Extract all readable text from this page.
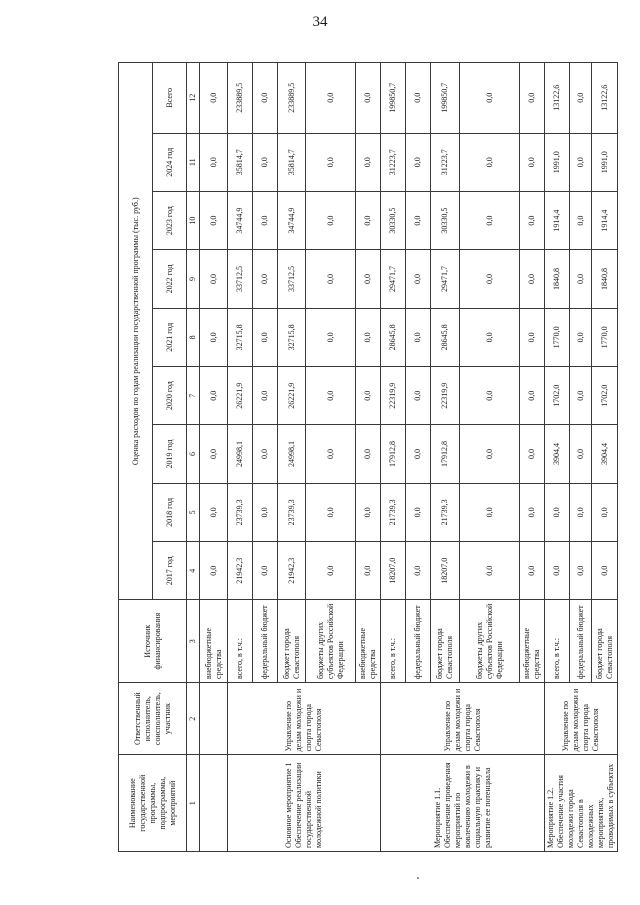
34
Наименование государственной программы, подпрограммы, мероприятий	Ответственный исполнитель, соисполнитель, участник	Источник финансирования	Оценка расходов по годам реализации государственной программы (тыс. руб.)								
			2017 год	2018 год	2019 год	2020 год	2021 год	2022 год	2023 год	2024 год	Всего
1	2	3	4	5	6	7	8	9	10	11	12
		внебюджетные средства	0,0	0,0	0,0	0,0	0,0	0,0	0,0	0,0	0,0
Основное мероприятие 1 Обеспечение реализации государственной молодежной политики	Управление по делам молодежи и спорта города Севастополя	всего, в т.ч.:	21942,3	23739,3	24998,1	26221,9	32715,8	33712,5	34744,9	35814,7	233889,5
		федеральный бюджет	0,0	0,0	0,0	0,0	0,0	0,0	0,0	0,0	0,0
		бюджет города Севастополя	21942,3	23739,3	24998,1	26221,9	32715,8	33712,5	34744,9	35814,7	233889,5
		бюджеты других субъектов Российской Федерации	0,0	0,0	0,0	0,0	0,0	0,0	0,0	0,0	0,0
		внебюджетные средства	0,0	0,0	0,0	0,0	0,0	0,0	0,0	0,0	0,0
Мероприятие 1.1. Обеспечение проведения мероприятий по вовлечению молодежи в социальную практику и развитие ее потенциала	Управление по делам молодежи и спорта города Севастополя	всего, в т.ч.:	18207,0	21739,3	17912,8	22319,9	28645,8	29471,7	30330,5	31223,7	199850,7
		федеральный бюджет	0,0	0,0	0,0	0,0	0,0	0,0	0,0	0,0	0,0
		бюджет города Севастополя	18207,0	21739,3	17912,8	22319,9	28645,8	29471,7	30330,5	31223,7	199850,7
		бюджеты других субъектов Российской Федерации	0,0	0,0	0,0	0,0	0,0	0,0	0,0	0,0	0,0
		внебюджетные средства	0,0	0,0	0,0	0,0	0,0	0,0	0,0	0,0	0,0
Мероприятие 1.2. Обеспечение участия молодежи города Севастополя в молодежных мероприятиях, проводимых в субъектах	Управление по делам молодежи и спорта города Севастополя	всего, в т.ч.:	0,0	0,0	3904,4	1702,0	1770,0	1840,8	1914,4	1991,0	13122,6
		федеральный бюджет	0,0	0,0	0,0	0,0	0,0	0,0	0,0	0,0	0,0
		бюджет города Севастополя	0,0	0,0	3904,4	1702,0	1770,0	1840,8	1914,4	1991,0	13122,6
